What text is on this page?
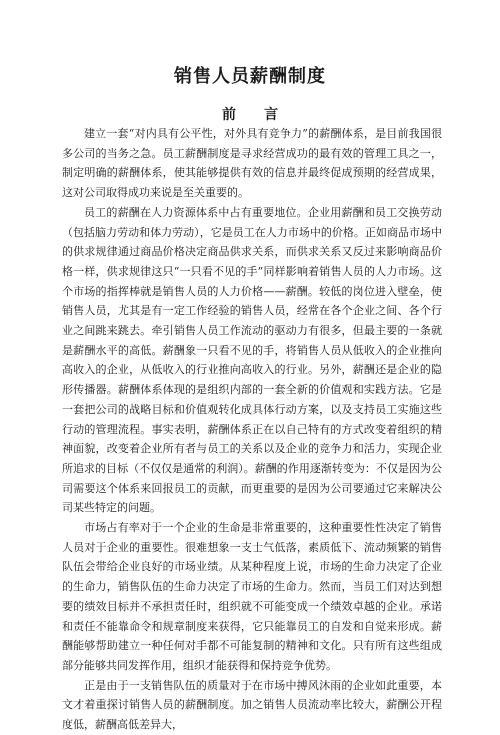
销售人员薪酬制度
前　　言

建立一套“对内具有公平性，对外具有竞争力”的薪酬体系，是目前我国很多公司的当务之急。员工薪酬制度是寻求经营成功的最有效的管理工具之一，制定明确的薪酬体系，使其能够提供有效的信息并最终促成预期的经营成果，这对公司取得成功来说是至关重要的。

员工的薪酬在人力资源体系中占有重要地位。企业用薪酬和员工交换劳动（包括脑力劳动和体力劳动），它是员工在人力市场中的价格。正如商品市场中的供求规律通过商品价格决定商品供求关系，而供求关系又反过来影响商品价格一样，供求规律这只“一只看不见的手”同样影响着销售人员的人力市场。这个市场的指挥棒就是销售人员的人力价格——薪酬。较低的岗位进入壁垒，使销售人员，尤其是有一定工作经验的销售人员，经常在各个企业之间、各个行业之间跳来跳去。牵引销售人员工作流动的驱动力有很多，但最主要的一条就是薪酬水平的高低。薪酬象一只看不见的手，将销售人员从低收入的企业推向高收入的企业，从低收入的行业推向高收入的行业。另外，薪酬还是企业的隐形传播器。薪酬体系体现的是组织内部的一套全新的价值观和实践方法。它是一套把公司的战略目标和价值观转化成具体行动方案，以及支持员工实施这些行动的管理流程。事实表明，薪酬体系正在以自己特有的方式改变着组织的精神面貌，改变着企业所有者与员工的关系以及企业的竞争力和活力，实现企业所追求的目标（不仅仅是通常的利润）。薪酬的作用逐渐转变为：不仅是因为公司需要这个体系来回报员工的贡献，而更重要的是因为公司要通过它来解决公司某些特定的问题。

市场占有率对于一个企业的生命是非常重要的，这种重要性性决定了销售人员对于企业的重要性。很难想象一支士气低落，素质低下、流动频繁的销售队伍会带给企业良好的市场业绩。从某种程度上说，市场的生命力决定了企业的生命力，销售队伍的生命力决定了市场的生命力。然而，当员工们对达到想要的绩效目标并不承担责任时，组织就不可能变成一个绩效卓越的企业。承诺和责任不能靠命令和规章制度来获得，它只能靠员工的自发和自觉来形成。薪酬能够帮助建立一种任何对手都不可能复制的精神和文化。只有所有这些组成部分能够共同发挥作用，组织才能获得和保持竞争优势。

正是由于一支销售队伍的质量对于在市场中搏风沐雨的企业如此重要，本文才着重探讨销售人员的薪酬制度。加之销售人员流动率比较大，薪酬公开程度低，薪酬高低差异大，
